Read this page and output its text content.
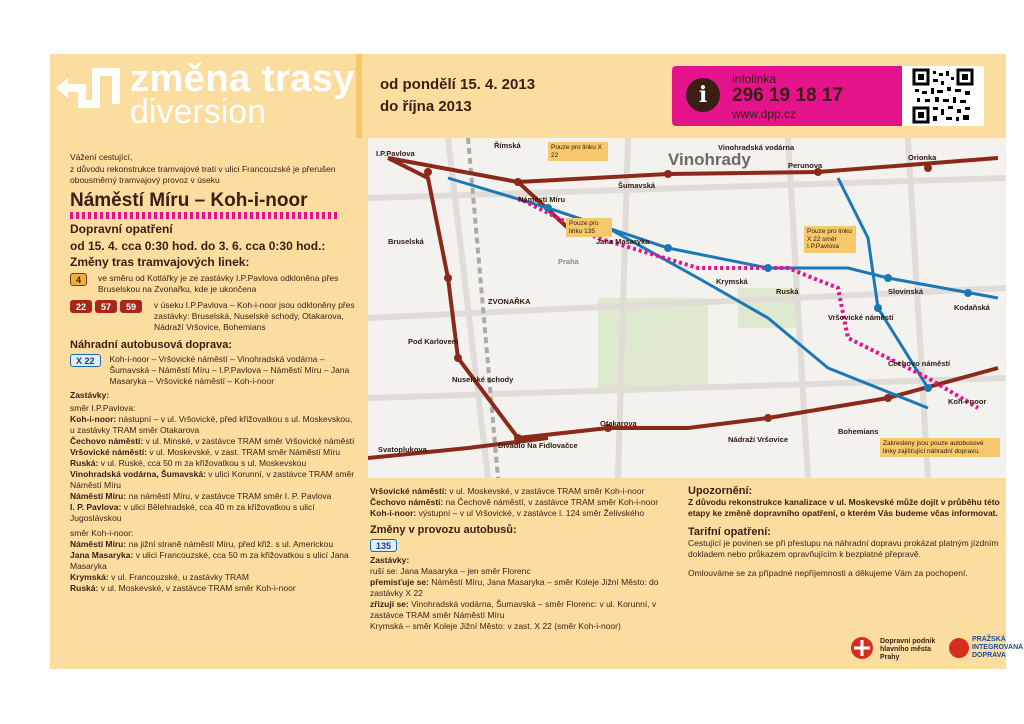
změna trasy
diversion
od pondělí 15. 4. 2013
do října 2013	i
infolinka
296 19 18 17
www.dpp.cz
Vážení cestující,
z důvodu rekonstrukce tramvajové trati v ulici Francouzské je přerušen
obousměrný tramvajový provoz v úseku
Náměstí Míru – Koh-i-noor
Dopravní opatření
od 15. 4. cca 0:30 hod. do 3. 6. cca 0:30 hod.:
Změny tras tramvajových linek:
4	ve směru od Kotlářky je ze zastávky I.P.Pavlova odkloněna přes Bruselskou na Zvonařku, kde je ukončena
22 57 59	v úseku I.P.Pavlova – Koh-i-noor jsou odkloněny přes zastávky: Bruselská, Nuselské schody, Otakarova, Nádraží Vršovice, Bohemians
Náhradní autobusová doprava:
X 22	Koh-i-noor – Vršovické náměstí – Vinohradská vodárna – Šumavská – Náměstí Míru – I.P.Pavlova – Náměstí Míru – Jana Masaryka – Vršovické náměstí – Koh-i-noor
Zastávky:
směr I.P.Pavlova:
Koh-i-noor: nástupní – v ul. Vršovické, před křižovatkou s ul. Moskevskou, u zastávky TRAM směr Otakarova
Čechovo náměstí: v ul. Minské, v zastávce TRAM směr Vršovické náměstí
Vršovické náměstí: v ul. Moskevské, v zast. TRAM směr Náměstí Míru
Ruská: v ul. Ruské, cca 50 m za křižovatkou s ul. Moskevskou
Vinohradská vodárna, Šumavská: v ulici Korunní, v zastávce TRAM směr Náměstí Míru
Náměstí Míru: na náměstí Míru, v zastávce TRAM směr I. P. Pavlova
I. P. Pavlova: v ulici Bělehradské, cca 40 m za křižovatkou s ulicí Jugoslávskou
směr Koh-i-noor:
Náměstí Míru: na jižní straně náměstí Míru, před křiž. s ul. Americkou
Jana Masaryka: v ulici Francouzské, cca 50 m za křižovatkou s ulicí Jana Masaryka
Krymská: v ul. Francouzské, u zastávky TRAM
Ruská: v ul. Moskevské, v zastávce TRAM směr Koh-i-noor
Vinohrady
I.P.Pavlova
Římská	Vinohradská vodárna
Perunova
Orionka
Šumavská
Bruselská
Náměstí Míru
Jana Masaryka
Krymská
Ruská	Slovinská
Kodaňská
ZVONAŘKA
Pod Karlovem
Nuselské schody
Vršovické náměstí
Čechovo náměstí
Koh-i-noor
Otakarova
Divadlo Na Fidlovačce
Svatoplukova
Nádraží Vršovice
Bohemians
Praha
Pouze pro linku X 22
Pouze pro linku 135	Pouze pro linku X 22 směr I.P.Pavlova
Zakresleny jsou pouze autobusové linky zajišťující náhradní dopravu.
Vršovické náměstí: v ul. Moskevské, v zastávce TRAM směr Koh-i-noor
Čechovo náměstí: na Čechově náměstí, v zastávce TRAM směr Koh-i-noor
Koh-i-noor: výstupní – v ul Vršovické, v zastávce l. 124 směr Želivského
Změny v provozu autobusů:
135
Zastávky:
ruší se: Jana Masaryka – jen směr Florenc
přemisťuje se: Náměstí Míru, Jana Masaryka – směr Koleje Jižní Město: do zastávky X 22
zřizují se: Vinohradská vodárna, Šumavská – směr Florenc: v ul. Korunní, v zastávce TRAM směr Náměstí Míru
Krymská – směr Koleje Jižní Město: v zast. X 22 (směr Koh-i-noor)
Upozornění:
Z důvodu rekonstrukce kanalizace v ul. Moskevské může dojít v průběhu této etapy ke změně dopravního opatření, o kterém Vás budeme včas informovat.
Tarifní opatření:
Cestující je povinen se při přestupu na náhradní dopravu prokázat platným jízdním dokladem nebo průkazem opravňujícím k bezplatné přepravě.
Omlouváme se za případné nepříjemnosti a děkujeme Vám za pochopení.
Dopravní podnik hlavního města Prahy
PRAŽSKÁ INTEGROVANÁ DOPRAVA
